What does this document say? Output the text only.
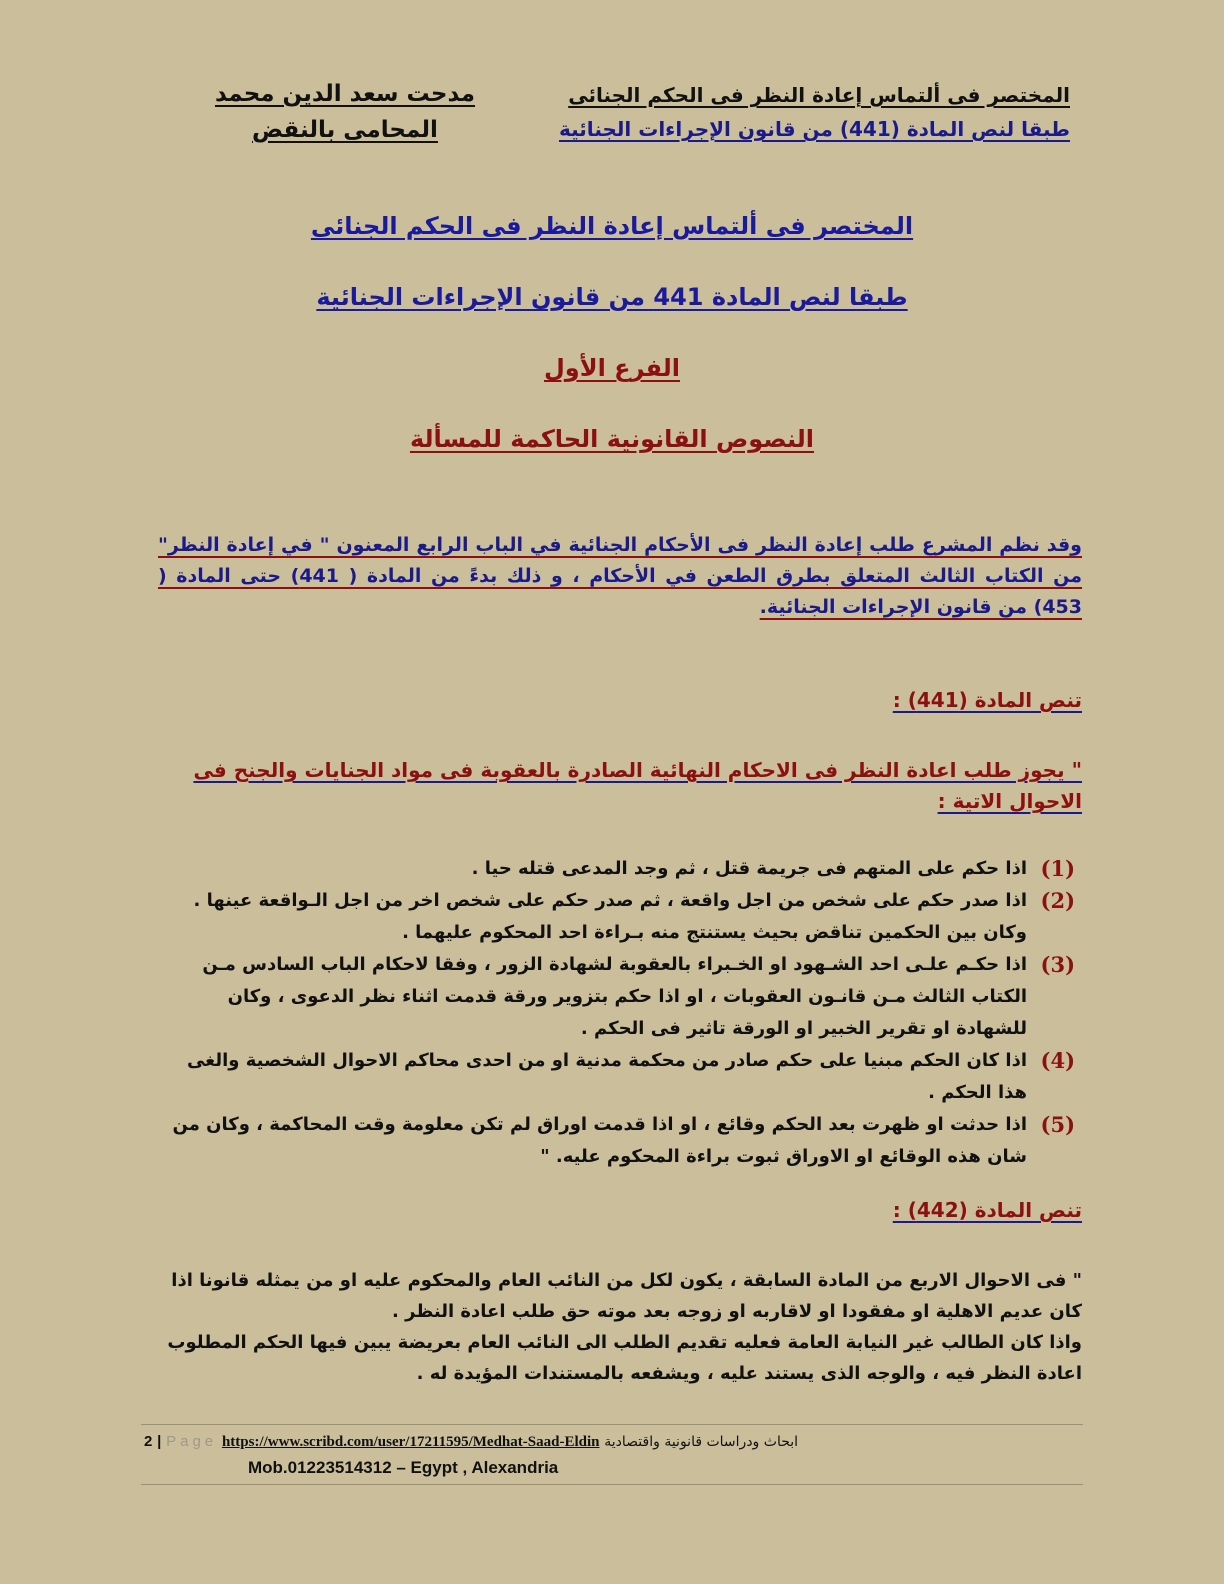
المختصر فى ألتماس إعادة النظر فى الحكم الجنائى
طبقا لنص المادة (441) من قانون الإجراءات الجنائية
مدحت سعد الدين محمد
المحامى بالنقض
المختصر فى ألتماس إعادة النظر فى الحكم الجنائى
طبقا لنص المادة 441 من قانون الإجراءات الجنائية
الفرع الأول
النصوص القانونية الحاكمة للمسألة
وقد نظم المشرع طلب إعادة النظر فى الأحكام الجنائية في الباب الرابع المعنون " في إعادة النظر" من الكتاب الثالث المتعلق بطرق الطعن في الأحكام ، و ذلك بدءً من المادة ( 441) حتى المادة ( 453) من قانون الإجراءات الجنائية.
تنص المادة (441) :
" يجوز طلب اعادة النظر فى الاحكام النهائية الصادرة بالعقوبة فى مواد الجنايات والجنح فى الاحوال الاتية :
(1)
اذا حكم على المتهم فى جريمة قتل ، ثم وجد المدعى قتله حيا .
(2)
اذا صدر حكم على شخص من اجل واقعة ، ثم صدر حكم على شخص اخر من اجل الـواقعة عينها . وكان بين الحكمين تناقض بحيث يستنتج منه بـراءة احد المحكوم عليهما .
(3)
اذا حكـم علـى احد الشـهود او الخـبراء بالعقوبة لشهادة الزور ، وفقا لاحكام الباب السادس مـن الكتاب الثالث مـن قانـون العقوبات ، او اذا حكم بتزوير ورقة قدمت اثناء نظر الدعوى ، وكان للشهادة او تقرير الخبير او الورقة تاثير فى الحكم .
(4)
اذا كان الحكم مبنيا على حكم صادر من محكمة مدنية او من احدى محاكم الاحوال الشخصية والغى هذا الحكم .
(5)
اذا حدثت او ظهرت بعد الحكم وقائع ، او اذا قدمت اوراق لم تكن معلومة وقت المحاكمة ، وكان من شان هذه الوقائع او الاوراق ثبوت براءة المحكوم عليه. "
تنص المادة (442) :
" فى الاحوال الاربع من المادة السابقة ، يكون لكل من النائب العام والمحكوم عليه او من يمثله قانونا اذا كان عديم الاهلية او مفقودا او لاقاربه او زوجه بعد موته حق طلب اعادة النظر .
واذا كان الطالب غير النيابة العامة فعليه تقديم الطلب الى النائب العام بعريضة يبين فيها الحكم المطلوب اعادة النظر فيه ، والوجه الذى يستند عليه ، ويشفعه بالمستندات المؤيدة له .
2 | Page https://www.scribd.com/user/17211595/Medhat-Saad-Eldin ابحاث ودراسات قانونية واقتصادية
Mob.01223514312 – Egypt , Alexandria
